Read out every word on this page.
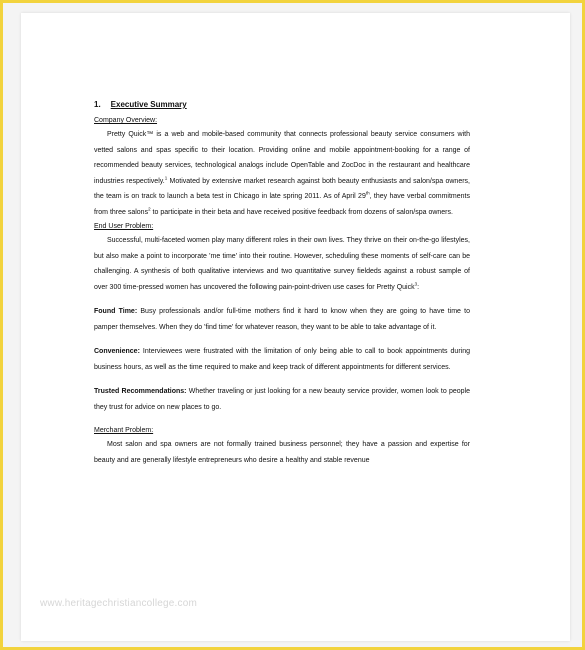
1. Executive Summary

Company Overview:

Pretty Quick™ is a web and mobile-based community that connects professional beauty service consumers with vetted salons and spas specific to their location. Providing online and mobile appointment-booking for a range of recommended beauty services, technological analogs include OpenTable and ZocDoc in the restaurant and healthcare industries respectively.$^1$ Motivated by extensive market research against both beauty enthusiasts and salon/spa owners, the team is on track to launch a beta test in Chicago in late spring 2011. As of April 29th, they have verbal commitments from three salons$^2$ to participate in their beta and have received positive feedback from dozens of salon/spa owners.

End User Problem:

Successful, multi-faceted women play many different roles in their own lives. They thrive on their on-the-go lifestyles, but also make a point to incorporate 'me time' into their routine. However, scheduling these moments of self-care can be challenging. A synthesis of both qualitative interviews and two quantitative survey fieldeds against a robust sample of over 300 time-pressed women has uncovered the following pain-point-driven use cases for Pretty Quick$^3$:

Found Time: Busy professionals and/or full-time mothers find it hard to know when they are going to have time to pamper themselves. When they do 'find time' for whatever reason, they want to be able to take advantage of it.

Convenience: Interviewees were frustrated with the limitation of only being able to call to book appointments during business hours, as well as the time required to make and keep track of different appointments for different services.

Trusted Recommendations: Whether traveling or just looking for a new beauty service provider, women look to people they trust for advice on new places to go.

Merchant Problem:

Most salon and spa owners are not formally trained business personnel; they have a passion and expertise for beauty and are generally lifestyle entrepreneurs who desire a healthy and stable revenue

www.heritagechristiancollege.com
